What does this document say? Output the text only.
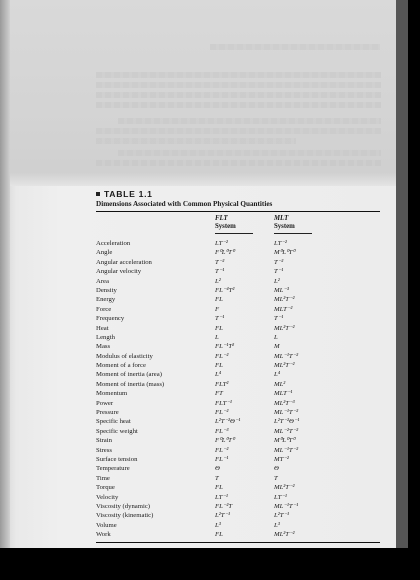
TABLE 1.1
Dimensions Associated with Common Physical Quantities
FLT
System
MLT
System
Acceleration	LT⁻²	LT⁻²
Angle	F⁰L⁰T⁰	M⁰L⁰T⁰
Angular acceleration	T⁻²	T⁻²
Angular velocity	T⁻¹	T⁻¹
Area	L²	L²
Density	FL⁻⁴T²	ML⁻³
Energy	FL	ML²T⁻²
Force	F	MLT⁻²
Frequency	T⁻¹	T⁻¹
Heat	FL	ML²T⁻²
Length	L	L
Mass	FL⁻¹T²	M
Modulus of elasticity	FL⁻²	ML⁻¹T⁻²
Moment of a force	FL	ML²T⁻²
Moment of inertia (area)	L⁴	L⁴
Moment of inertia (mass)	FLT²	ML²
Momentum	FT	MLT⁻¹
Power	FLT⁻¹	ML²T⁻³
Pressure	FL⁻²	ML⁻¹T⁻²
Specific heat	L²T⁻²Θ⁻¹	L²T⁻²Θ⁻¹
Specific weight	FL⁻³	ML⁻²T⁻²
Strain	F⁰L⁰T⁰	M⁰L⁰T⁰
Stress	FL⁻²	ML⁻¹T⁻²
Surface tension	FL⁻¹	MT⁻²
Temperature	Θ	Θ
Time	T	T
Torque	FL	ML²T⁻²
Velocity	LT⁻¹	LT⁻¹
Viscosity (dynamic)	FL⁻²T	ML⁻¹T⁻¹
Viscosity (kinematic)	L²T⁻¹	L²T⁻¹
Volume	L³	L³
Work	FL	ML²T⁻²
